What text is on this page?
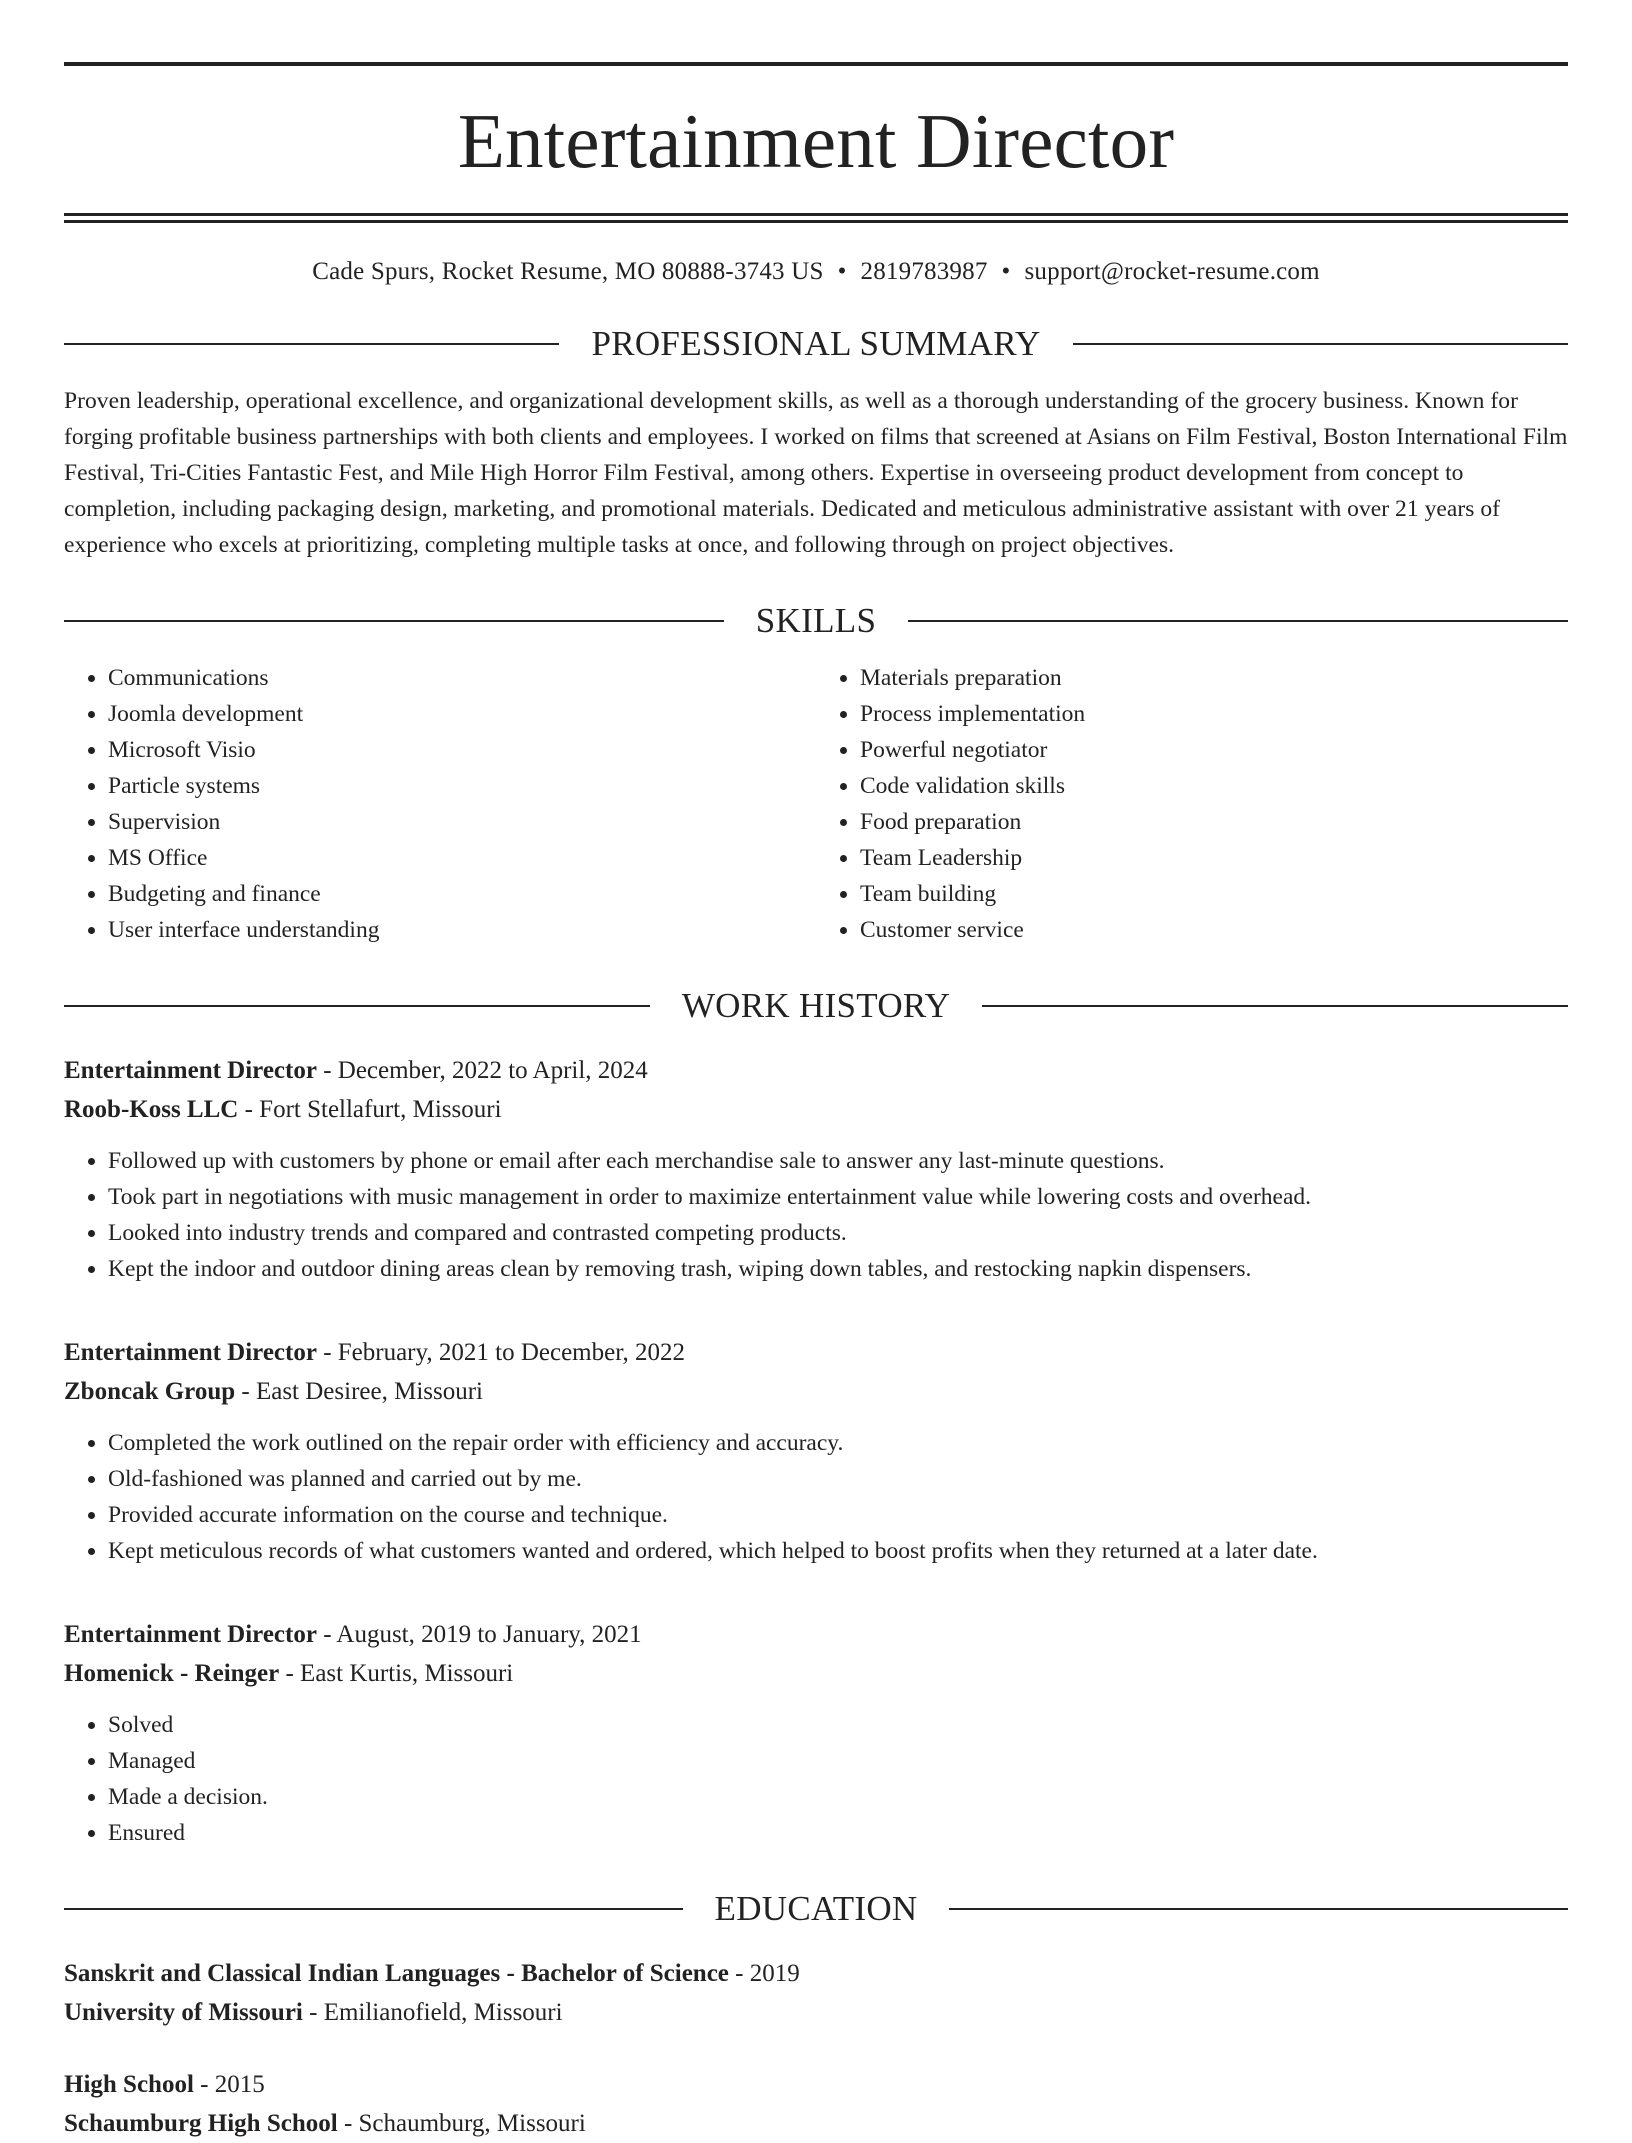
Entertainment Director
Cade Spurs, Rocket Resume, MO 80888-3743 US • 2819783987 • support@rocket-resume.com
PROFESSIONAL SUMMARY
Proven leadership, operational excellence, and organizational development skills, as well as a thorough understanding of the grocery business. Known for forging profitable business partnerships with both clients and employees. I worked on films that screened at Asians on Film Festival, Boston International Film Festival, Tri-Cities Fantastic Fest, and Mile High Horror Film Festival, among others. Expertise in overseeing product development from concept to completion, including packaging design, marketing, and promotional materials. Dedicated and meticulous administrative assistant with over 21 years of experience who excels at prioritizing, completing multiple tasks at once, and following through on project objectives.
SKILLS
• Communications
• Joomla development
• Microsoft Visio
• Particle systems
• Supervision
• MS Office
• Budgeting and finance
• User interface understanding
• Materials preparation
• Process implementation
• Powerful negotiator
• Code validation skills
• Food preparation
• Team Leadership
• Team building
• Customer service
WORK HISTORY
Entertainment Director - December, 2022 to April, 2024
Roob-Koss LLC - Fort Stellafurt, Missouri
• Followed up with customers by phone or email after each merchandise sale to answer any last-minute questions.
• Took part in negotiations with music management in order to maximize entertainment value while lowering costs and overhead.
• Looked into industry trends and compared and contrasted competing products.
• Kept the indoor and outdoor dining areas clean by removing trash, wiping down tables, and restocking napkin dispensers.
Entertainment Director - February, 2021 to December, 2022
Zboncak Group - East Desiree, Missouri
• Completed the work outlined on the repair order with efficiency and accuracy.
• Old-fashioned was planned and carried out by me.
• Provided accurate information on the course and technique.
• Kept meticulous records of what customers wanted and ordered, which helped to boost profits when they returned at a later date.
Entertainment Director - August, 2019 to January, 2021
Homenick - Reinger - East Kurtis, Missouri
• Solved
• Managed
• Made a decision.
• Ensured
EDUCATION
Sanskrit and Classical Indian Languages - Bachelor of Science - 2019
University of Missouri - Emilianofield, Missouri
High School - 2015
Schaumburg High School - Schaumburg, Missouri
